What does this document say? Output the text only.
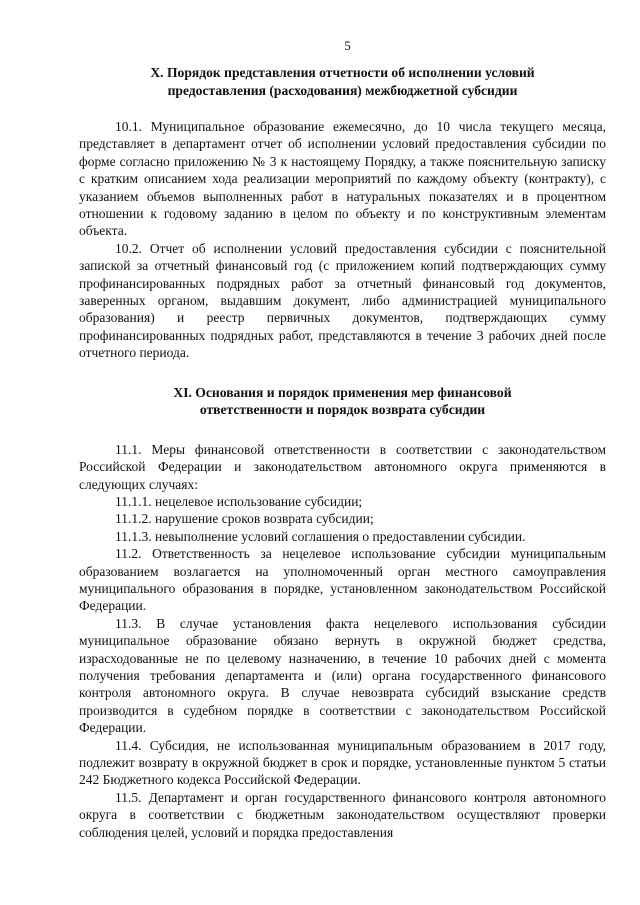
5
X. Порядок представления отчетности об исполнении условий
предоставления (расходования) межбюджетной субсидии

10.1. Муниципальное образование ежемесячно, до 10 числа текущего месяца, представляет в департамент отчет об исполнении условий предоставления субсидии по форме согласно приложению № 3 к настоящему Порядку, а также пояснительную записку с кратким описанием хода реализации мероприятий по каждому объекту (контракту), с указанием объемов выполненных работ в натуральных показателях и в процентном отношении к годовому заданию в целом по объекту и по конструктивным элементам объекта.

10.2. Отчет об исполнении условий предоставления субсидии с пояснительной запиской за отчетный финансовый год (с приложением копий подтверждающих сумму профинансированных подрядных работ за отчетный финансовый год документов, заверенных органом, выдавшим документ, либо администрацией муниципального образования) и реестр первичных документов, подтверждающих сумму профинансированных подрядных работ, представляются в течение 3 рабочих дней после отчетного периода.

XI. Основания и порядок применения мер финансовой
ответственности и порядок возврата субсидии

11.1. Меры финансовой ответственности в соответствии с законодательством Российской Федерации и законодательством автономного округа применяются в следующих случаях:

11.1.1. нецелевое использование субсидии;

11.1.2. нарушение сроков возврата субсидии;

11.1.3. невыполнение условий соглашения о предоставлении субсидии.

11.2. Ответственность за нецелевое использование субсидии муниципальным образованием возлагается на уполномоченный орган местного самоуправления муниципального образования в порядке, установленном законодательством Российской Федерации.

11.3. В случае установления факта нецелевого использования субсидии муниципальное образование обязано вернуть в окружной бюджет средства, израсходованные не по целевому назначению, в течение 10 рабочих дней с момента получения требования департамента и (или) органа государственного финансового контроля автономного округа. В случае невозврата субсидий взыскание средств производится в судебном порядке в соответствии с законодательством Российской Федерации.

11.4. Субсидия, не использованная муниципальным образованием в 2017 году, подлежит возврату в окружной бюджет в срок и порядке, установленные пунктом 5 статьи 242 Бюджетного кодекса Российской Федерации.

11.5. Департамент и орган государственного финансового контроля автономного округа в соответствии с бюджетным законодательством осуществляют проверки соблюдения целей, условий и порядка предоставления
